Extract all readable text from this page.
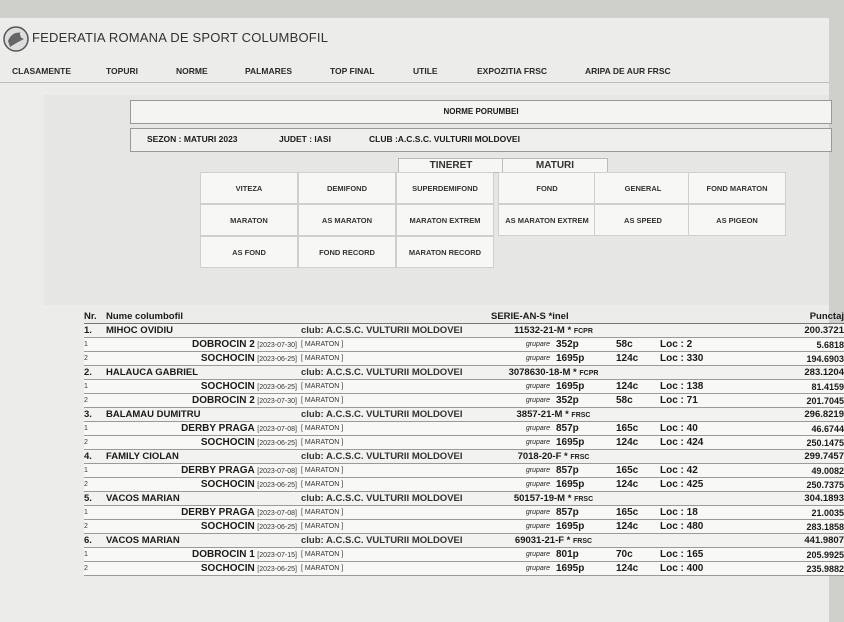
FEDERATIA ROMANA DE SPORT COLUMBOFIL
CLASAMENTE	TOPURI	NORME	PALMARES	TOP FINAL	UTILE	EXPOZITIA FRSC	ARIPA DE AUR FRSC
NORME PORUMBEI
SEZON : MATURI 2023	JUDET : IASI	CLUB :A.C.S.C. VULTURII MOLDOVEI
TINERET	MATURI
VITEZA	DEMIFOND	SUPERDEMIFOND	FOND	GENERAL	FOND MARATON
MARATON	AS MARATON	MARATON EXTREM	AS MARATON EXTREM	AS SPEED	AS PIGEON
AS FOND	FOND RECORD	MARATON RECORD
Nr.	Nume columbofil		SERIE-AN-S *inel				Punctaj
1.	MIHOC OVIDIU	club: A.C.S.C. VULTURII MOLDOVEI	11532-21-M * FCPR				200.3721
1	DOBROCIN 2 [2023-07-30]	[ MARATON ]	grupare	352p	58c	Loc : 2	5.6818
2	SOCHOCIN [2023-06-25]	[ MARATON ]	grupare	1695p	124c	Loc : 330	194.6903
2.	HALAUCA GABRIEL	club: A.C.S.C. VULTURII MOLDOVEI	3078630-18-M * FCPR				283.1204
1	SOCHOCIN [2023-06-25]	[ MARATON ]	grupare	1695p	124c	Loc : 138	81.4159
2	DOBROCIN 2 [2023-07-30]	[ MARATON ]	grupare	352p	58c	Loc : 71	201.7045
3.	BALAMAU DUMITRU	club: A.C.S.C. VULTURII MOLDOVEI	3857-21-M * FRSC				296.8219
1	DERBY PRAGA [2023-07-08]	[ MARATON ]	grupare	857p	165c	Loc : 40	46.6744
2	SOCHOCIN [2023-06-25]	[ MARATON ]	grupare	1695p	124c	Loc : 424	250.1475
4.	FAMILY CIOLAN	club: A.C.S.C. VULTURII MOLDOVEI	7018-20-F * FRSC				299.7457
1	DERBY PRAGA [2023-07-08]	[ MARATON ]	grupare	857p	165c	Loc : 42	49.0082
2	SOCHOCIN [2023-06-25]	[ MARATON ]	grupare	1695p	124c	Loc : 425	250.7375
5.	VACOS MARIAN	club: A.C.S.C. VULTURII MOLDOVEI	50157-19-M * FRSC				304.1893
1	DERBY PRAGA [2023-07-08]	[ MARATON ]	grupare	857p	165c	Loc : 18	21.0035
2	SOCHOCIN [2023-06-25]	[ MARATON ]	grupare	1695p	124c	Loc : 480	283.1858
6.	VACOS MARIAN	club: A.C.S.C. VULTURII MOLDOVEI	69031-21-F * FRSC				441.9807
1	DOBROCIN 1 [2023-07-15]	[ MARATON ]	grupare	801p	70c	Loc : 165	205.9925
2	SOCHOCIN [2023-06-25]	[ MARATON ]	grupare	1695p	124c	Loc : 400	235.9882
